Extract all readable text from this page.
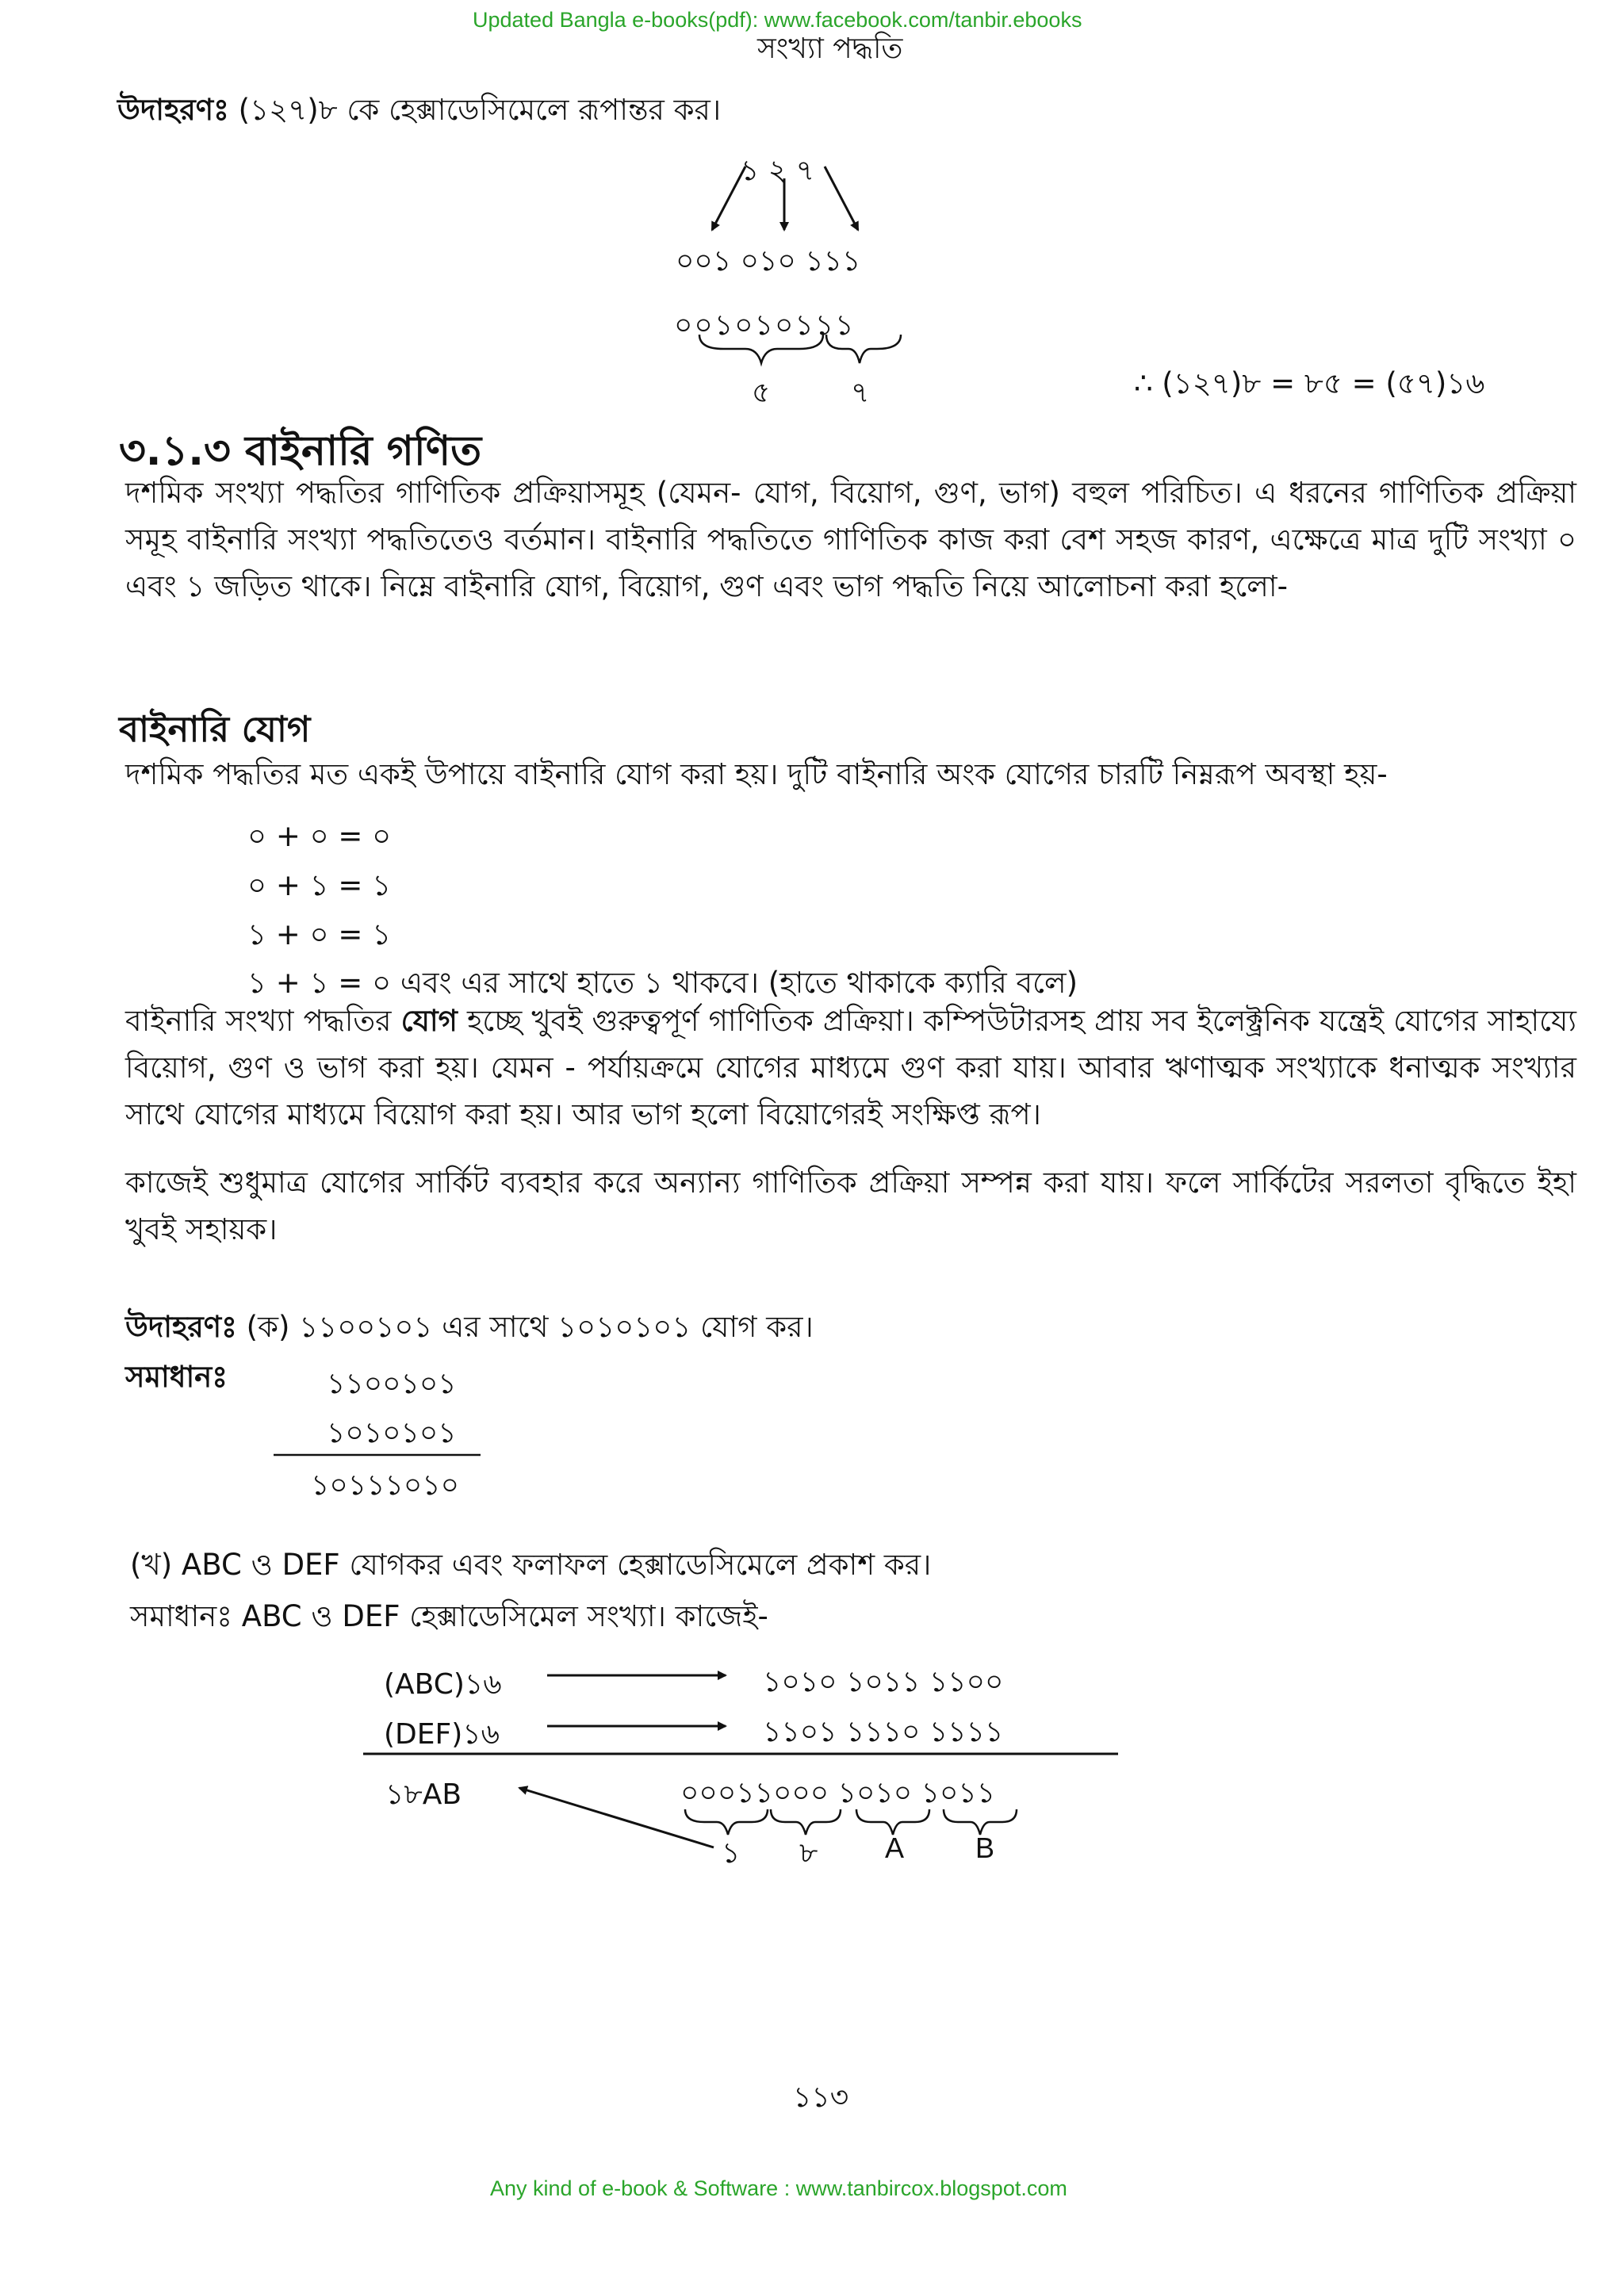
Updated Bangla e-books(pdf): www.facebook.com/tanbir.ebooks
সংখ্যা পদ্ধতি
উদাহরণঃ (১২৭)৮ কে হেক্সাডেসিমেলে রূপান্তর কর।
১ ২ ৭
০০১ ০১০ ১১১
০০১০১০১১১
৫	৭	∴ (১২৭)৮ = ৮৫ = (৫৭)১৬
৩.১.৩ বাইনারি গণিত
দশমিক সংখ্যা পদ্ধতির গাণিতিক প্রক্রিয়াসমূহ (যেমন- যোগ, বিয়োগ, গুণ, ভাগ) বহুল পরিচিত। এ ধরনের গাণিতিক প্রক্রিয়া সমূহ বাইনারি সংখ্যা পদ্ধতিতেও বর্তমান। বাইনারি পদ্ধতিতে গাণিতিক কাজ করা বেশ সহজ কারণ, এক্ষেত্রে মাত্র দুটি সংখ্যা ০ এবং ১ জড়িত থাকে। নিম্নে বাইনারি যোগ, বিয়োগ, গুণ এবং ভাগ পদ্ধতি নিয়ে আলোচনা করা হলো-
বাইনারি যোগ
দশমিক পদ্ধতির মত একই উপায়ে বাইনারি যোগ করা হয়। দুটি বাইনারি অংক যোগের চারটি নিম্নরূপ অবস্থা হয়-
০ + ০ = ০
০ + ১ = ১
১ + ০ = ১
১ + ১ = ০ এবং এর সাথে হাতে ১ থাকবে। (হাতে থাকাকে ক্যারি বলে)
বাইনারি সংখ্যা পদ্ধতির যোগ হচ্ছে খুবই গুরুত্বপূর্ণ গাণিতিক প্রক্রিয়া। কম্পিউটারসহ প্রায় সব ইলেক্ট্রনিক যন্ত্রেই যোগের সাহায্যে বিয়োগ, গুণ ও ভাগ করা হয়। যেমন - পর্যায়ক্রমে যোগের মাধ্যমে গুণ করা যায়। আবার ঋণাত্মক সংখ্যাকে ধনাত্মক সংখ্যার সাথে যোগের মাধ্যমে বিয়োগ করা হয়। আর ভাগ হলো বিয়োগেরই সংক্ষিপ্ত রূপ।
কাজেই শুধুমাত্র যোগের সার্কিট ব্যবহার করে অন্যান্য গাণিতিক প্রক্রিয়া সম্পন্ন করা যায়। ফলে সার্কিটের সরলতা বৃদ্ধিতে ইহা খুবই সহায়ক।
উদাহরণঃ (ক) ১১০০১০১ এর সাথে ১০১০১০১ যোগ কর।
সমাধানঃ	১১০০১০১
১০১০১০১
১০১১১০১০
(খ) ABC ও DEF যোগকর এবং ফলাফল হেক্সাডেসিমেলে প্রকাশ কর।
সমাধানঃ ABC ও DEF হেক্সাডেসিমেল সংখ্যা। কাজেই-
(ABC)১৬	১০১০ ১০১১ ১১০০
(DEF)১৬	১১০১ ১১১০ ১১১১
১৮AB	০০০১১০০০ ১০১০ ১০১১
১ ৮ A B
১১৩
Any kind of e-book & Software : www.tanbircox.blogspot.com
